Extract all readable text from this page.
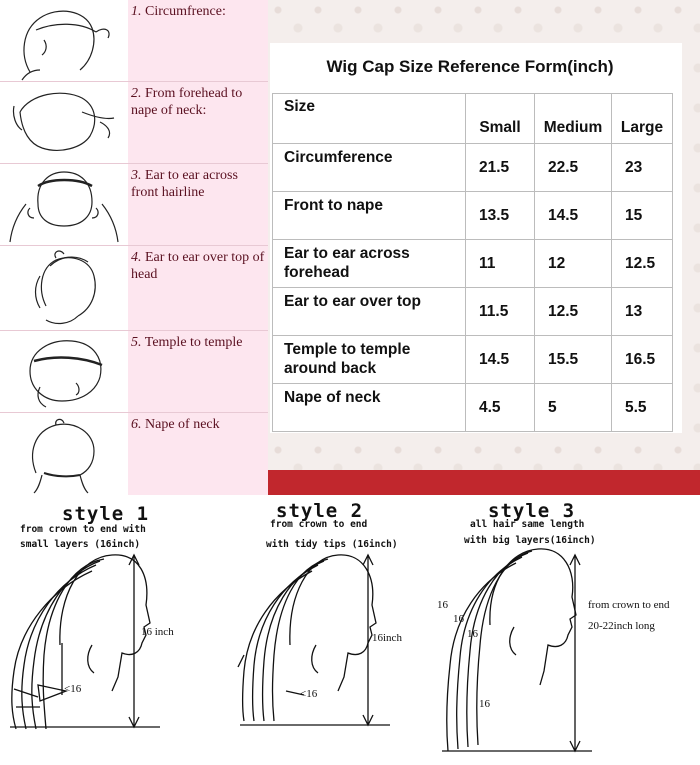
1. Circumfrence:
2. From forehead to nape of neck:
3. Ear to ear across front hairline
4. Ear to ear over top of head
5. Temple to temple
6. Nape of neck
Wig Cap Size Reference Form(inch)
Size	Small	Medium	Large
Circumference	21.5	22.5	23
Front to nape	13.5	14.5	15
Ear to ear across forehead	11	12	12.5
Ear to ear over top	11.5	12.5	13
Temple to temple around back	14.5	15.5	16.5
Nape of neck	4.5	5	5.5
style 1
from crown to end with
small layers (16inch)
16 inch
<16
style 2
from crown to end
with tidy tips (16inch)
16inch
<16
style 3
all hair same length
with big layers(16inch)
16
16
16
16
from crown to end
20-22inch long
